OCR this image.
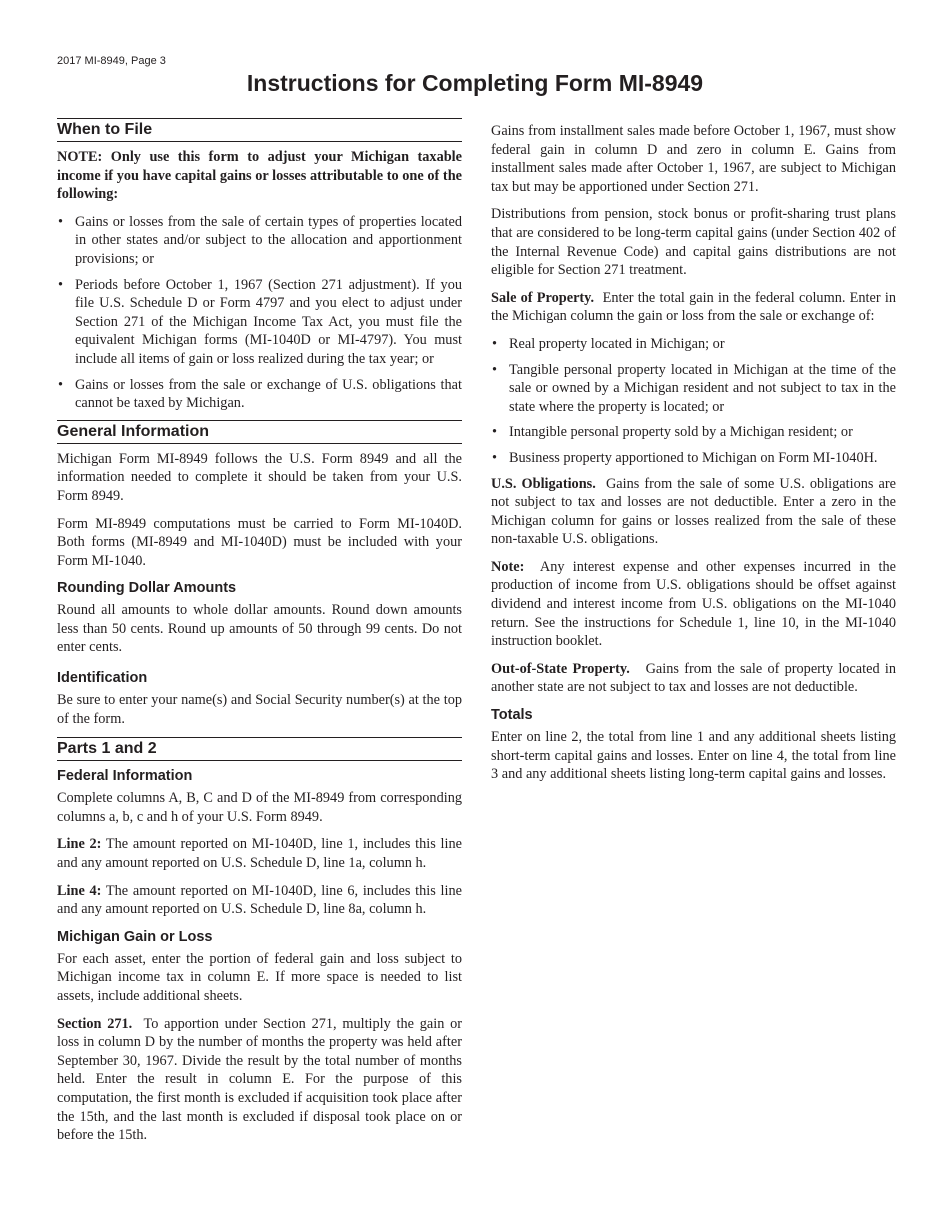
2017 MI-8949, Page 3
Instructions for Completing Form MI-8949
When to File

NOTE: Only use this form to adjust your Michigan taxable income if you have capital gains or losses attributable to one of the following:

• Gains or losses from the sale of certain types of properties located in other states and/or subject to the allocation and apportionment provisions; or
• Periods before October 1, 1967 (Section 271 adjustment). If you file U.S. Schedule D or Form 4797 and you elect to adjust under Section 271 of the Michigan Income Tax Act, you must file the equivalent Michigan forms (MI-1040D or MI-4797). You must include all items of gain or loss realized during the tax year; or
• Gains or losses from the sale or exchange of U.S. obligations that cannot be taxed by Michigan.
General Information

Michigan Form MI-8949 follows the U.S. Form 8949 and all the information needed to complete it should be taken from your U.S. Form 8949.

Form MI-8949 computations must be carried to Form MI-1040D. Both forms (MI-8949 and MI-1040D) must be included with your Form MI-1040.

Rounding Dollar Amounts

Round all amounts to whole dollar amounts. Round down amounts less than 50 cents. Round up amounts of 50 through 99 cents. Do not enter cents.

Identification

Be sure to enter your name(s) and Social Security number(s) at the top of the form.

Parts 1 and 2
Federal Information

Complete columns A, B, C and D of the MI-8949 from corresponding columns a, b, c and h of your U.S. Form 8949.

Line 2: The amount reported on MI-1040D, line 1, includes this line and any amount reported on U.S. Schedule D, line 1a, column h.

Line 4: The amount reported on MI-1040D, line 6, includes this line and any amount reported on U.S. Schedule D, line 8a, column h.

Michigan Gain or Loss

For each asset, enter the portion of federal gain and loss subject to Michigan income tax in column E. If more space is needed to list assets, include additional sheets.

Section 271. To apportion under Section 271, multiply the gain or loss in column D by the number of months the property was held after September 30, 1967. Divide the result by the total number of months held. Enter the result in column E. For the purpose of this computation, the first month is excluded if acquisition took place after the 15th, and the last month is excluded if disposal took place on or before the 15th.

Gains from installment sales made before October 1, 1967, must show federal gain in column D and zero in column E. Gains from installment sales made after October 1, 1967, are subject to Michigan tax but may be apportioned under Section 271.

Distributions from pension, stock bonus or profit-sharing trust plans that are considered to be long-term capital gains (under Section 402 of the Internal Revenue Code) and capital gains distributions are not eligible for Section 271 treatment.

Sale of Property. Enter the total gain in the federal column. Enter in the Michigan column the gain or loss from the sale or exchange of:

• Real property located in Michigan; or
• Tangible personal property located in Michigan at the time of the sale or owned by a Michigan resident and not subject to tax in the state where the property is located; or
• Intangible personal property sold by a Michigan resident; or
• Business property apportioned to Michigan on Form MI-1040H.

U.S. Obligations. Gains from the sale of some U.S. obligations are not subject to tax and losses are not deductible. Enter a zero in the Michigan column for gains or losses realized from the sale of these non-taxable U.S. obligations.

Note: Any interest expense and other expenses incurred in the production of income from U.S. obligations should be offset against dividend and interest income from U.S. obligations on the MI-1040 return. See the instructions for Schedule 1, line 10, in the MI-1040 instruction booklet.

Out-of-State Property. Gains from the sale of property located in another state are not subject to tax and losses are not deductible.

Totals

Enter on line 2, the total from line 1 and any additional sheets listing short-term capital gains and losses. Enter on line 4, the total from line 3 and any additional sheets listing long-term capital gains and losses.
